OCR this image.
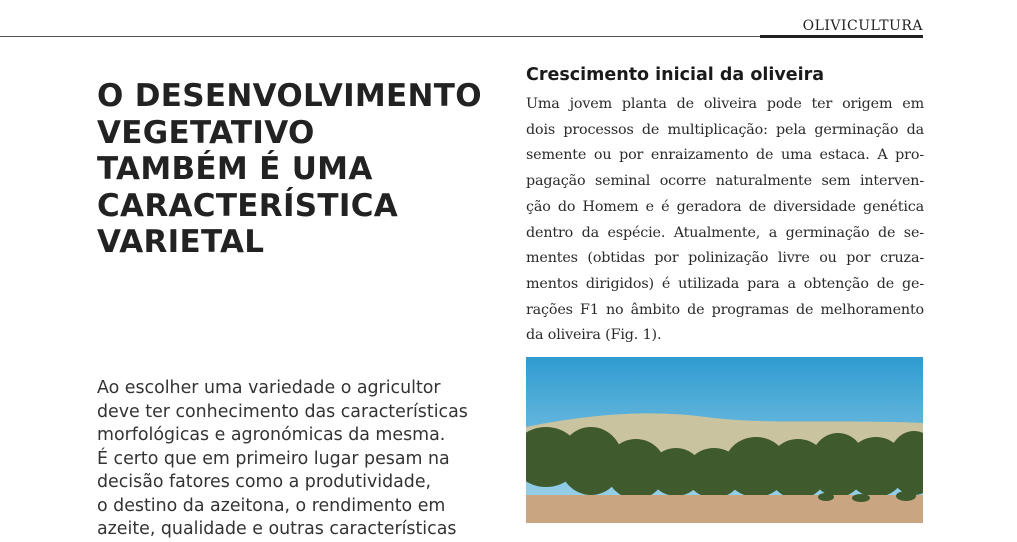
OLIVICULTURA
O DESENVOLVIMENTO
VEGETATIVO
TAMBÉM É UMA
CARACTERÍSTICA
VARIETAL

Ao escolher uma variedade o agricultor
deve ter conhecimento das características
morfológicas e agronómicas da mesma.
É certo que em primeiro lugar pesam na
decisão fatores como a produtividade,
o destino da azeitona, o rendimento em
azeite, qualidade e outras características

Crescimento inicial da oliveira

Uma jovem planta de oliveira pode ter origem em
dois processos de multiplicação: pela germinação da
semente ou por enraizamento de uma estaca. A pro-
pagação seminal ocorre naturalmente sem interven-
ção do Homem e é geradora de diversidade genética
dentro da espécie. Atualmente, a germinação de se-
mentes (obtidas por polinização livre ou por cruza-
mentos dirigidos) é utilizada para a obtenção de ge-
rações F1 no âmbito de programas de melhoramento
da oliveira (Fig. 1).
